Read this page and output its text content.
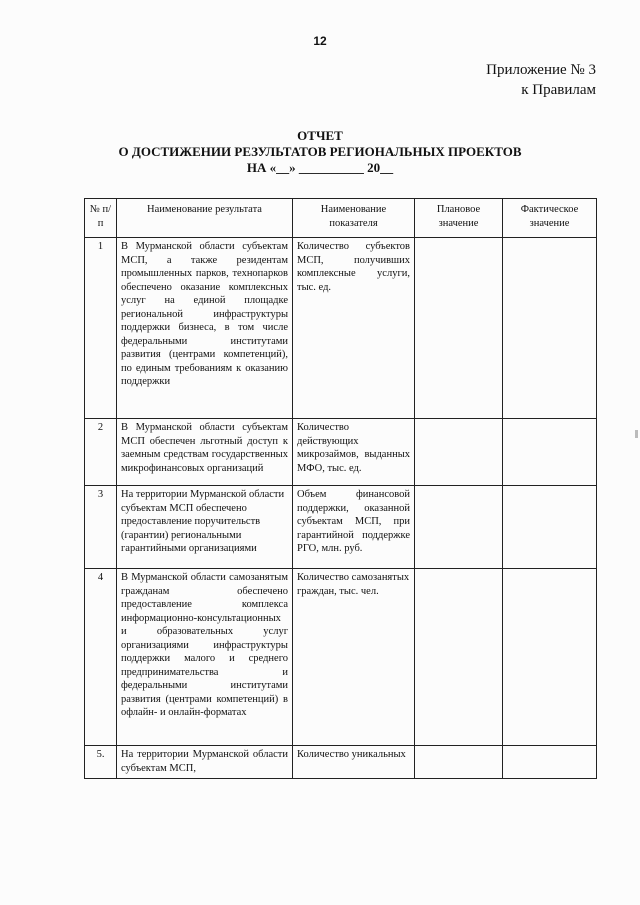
12
Приложение № 3
к Правилам
ОТЧЕТ
О ДОСТИЖЕНИИ РЕЗУЛЬТАТОВ РЕГИОНАЛЬНЫХ ПРОЕКТОВ
НА «__» __________ 20__
№ п/п	Наименование результата	Наименование показателя	Плановое значение	Фактическое значение
1	В Мурманской области субъектам МСП, а также резидентам промышленных парков, технопарков обеспечено оказание комплексных услуг на единой площадке региональной инфраструктуры поддержки бизнеса, в том числе федеральными институтами развития (центрами компетенций), по единым требованиям к оказанию поддержки	Количество субъектов МСП, получивших комплексные услуги, тыс. ед.		
2	В Мурманской области субъектам МСП обеспечен льготный доступ к заемным средствам государственных микрофинансовых организаций	Количество действующих микрозаймов, выданных МФО, тыс. ед.		
3	На территории Мурманской области субъектам МСП обеспечено предоставление поручительств (гарантии) региональными гарантийными организациями	Объем финансовой поддержки, оказанной субъектам МСП, при гарантийной поддержке РГО, млн. руб.		
4	В Мурманской области самозанятым гражданам обеспечено предоставление комплекса информационно-консультационных и образовательных услуг организациями инфраструктуры поддержки малого и среднего предпринимательства и федеральными институтами развития (центрами компетенций) в офлайн- и онлайн-форматах	Количество самозанятых граждан, тыс. чел.		
5.	На территории Мурманской области субъектам МСП,	Количество уникальных		
